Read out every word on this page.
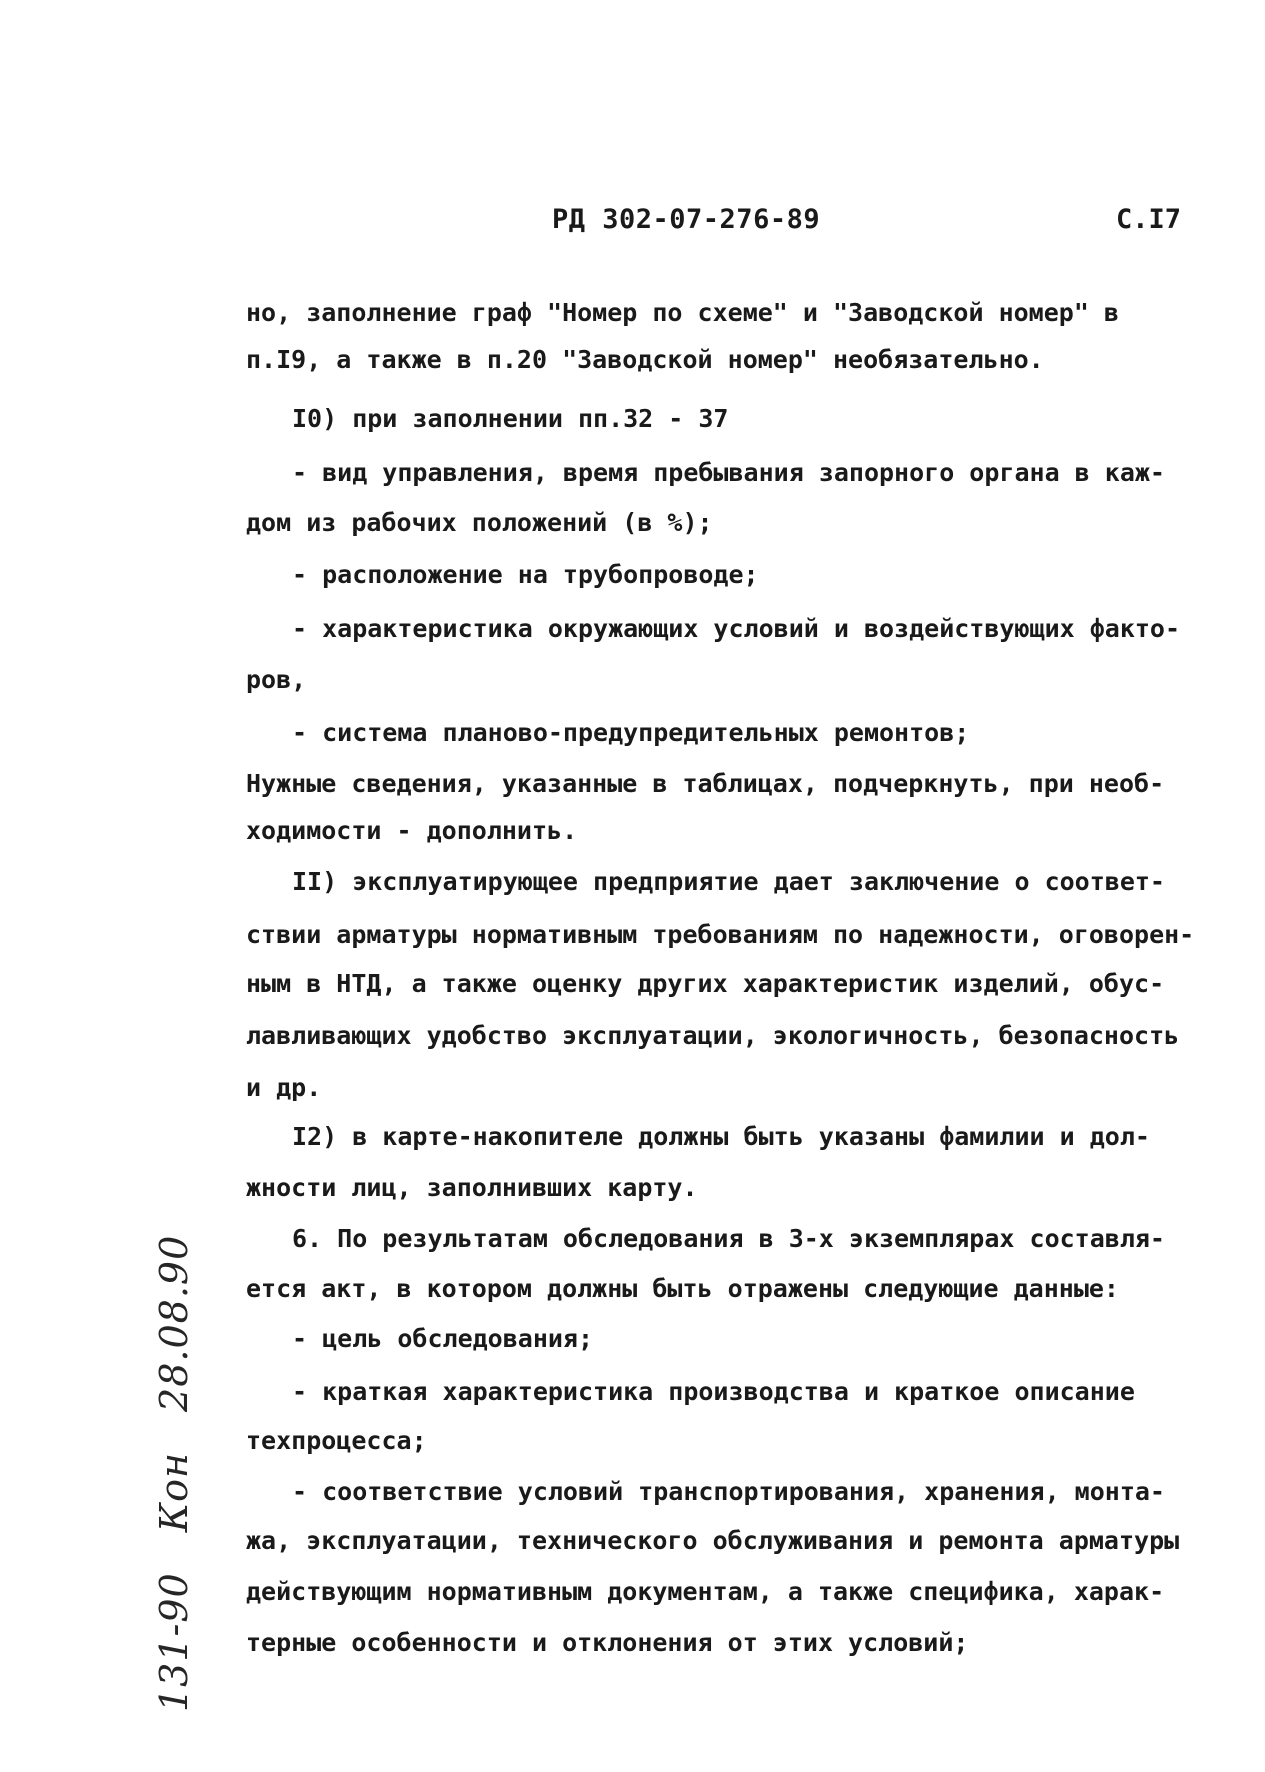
РД 302-07-276-89	С.I7
но, заполнение граф "Номер по схеме" и "Заводской номер" в
п.I9, а также в п.20 "Заводской номер" необязательно.
I0) при заполнении пп.32 - 37
- вид управления, время пребывания запорного органа в каж-
дом из рабочих положений (в %);
- расположение на трубопроводе;
- характеристика окружающих условий и воздействующих факто-
ров,
- система планово-предупредительных ремонтов;
Нужные сведения, указанные в таблицах, подчеркнуть, при необ-
ходимости - дополнить.
II) эксплуатирующее предприятие дает заключение о соответ-
ствии арматуры нормативным требованиям по надежности, оговорен-
ным в НТД, а также оценку других характеристик изделий, обус-
лавливающих удобство эксплуатации, экологичность, безопасность
и др.
I2) в карте-накопителе должны быть указаны фамилии и дол-
жности лиц, заполнивших карту.
6. По результатам обследования в 3-х экземплярах составля-
ется акт, в котором должны быть отражены следующие данные:
- цель обследования;
- краткая характеристика производства и краткое описание
техпроцесса;
- соответствие условий транспортирования, хранения, монта-
жа, эксплуатации, технического обслуживания и ремонта арматуры
действующим нормативным документам, а также специфика, харак-
терные особенности и отклонения от этих условий;
131-90Кон28.08.90
